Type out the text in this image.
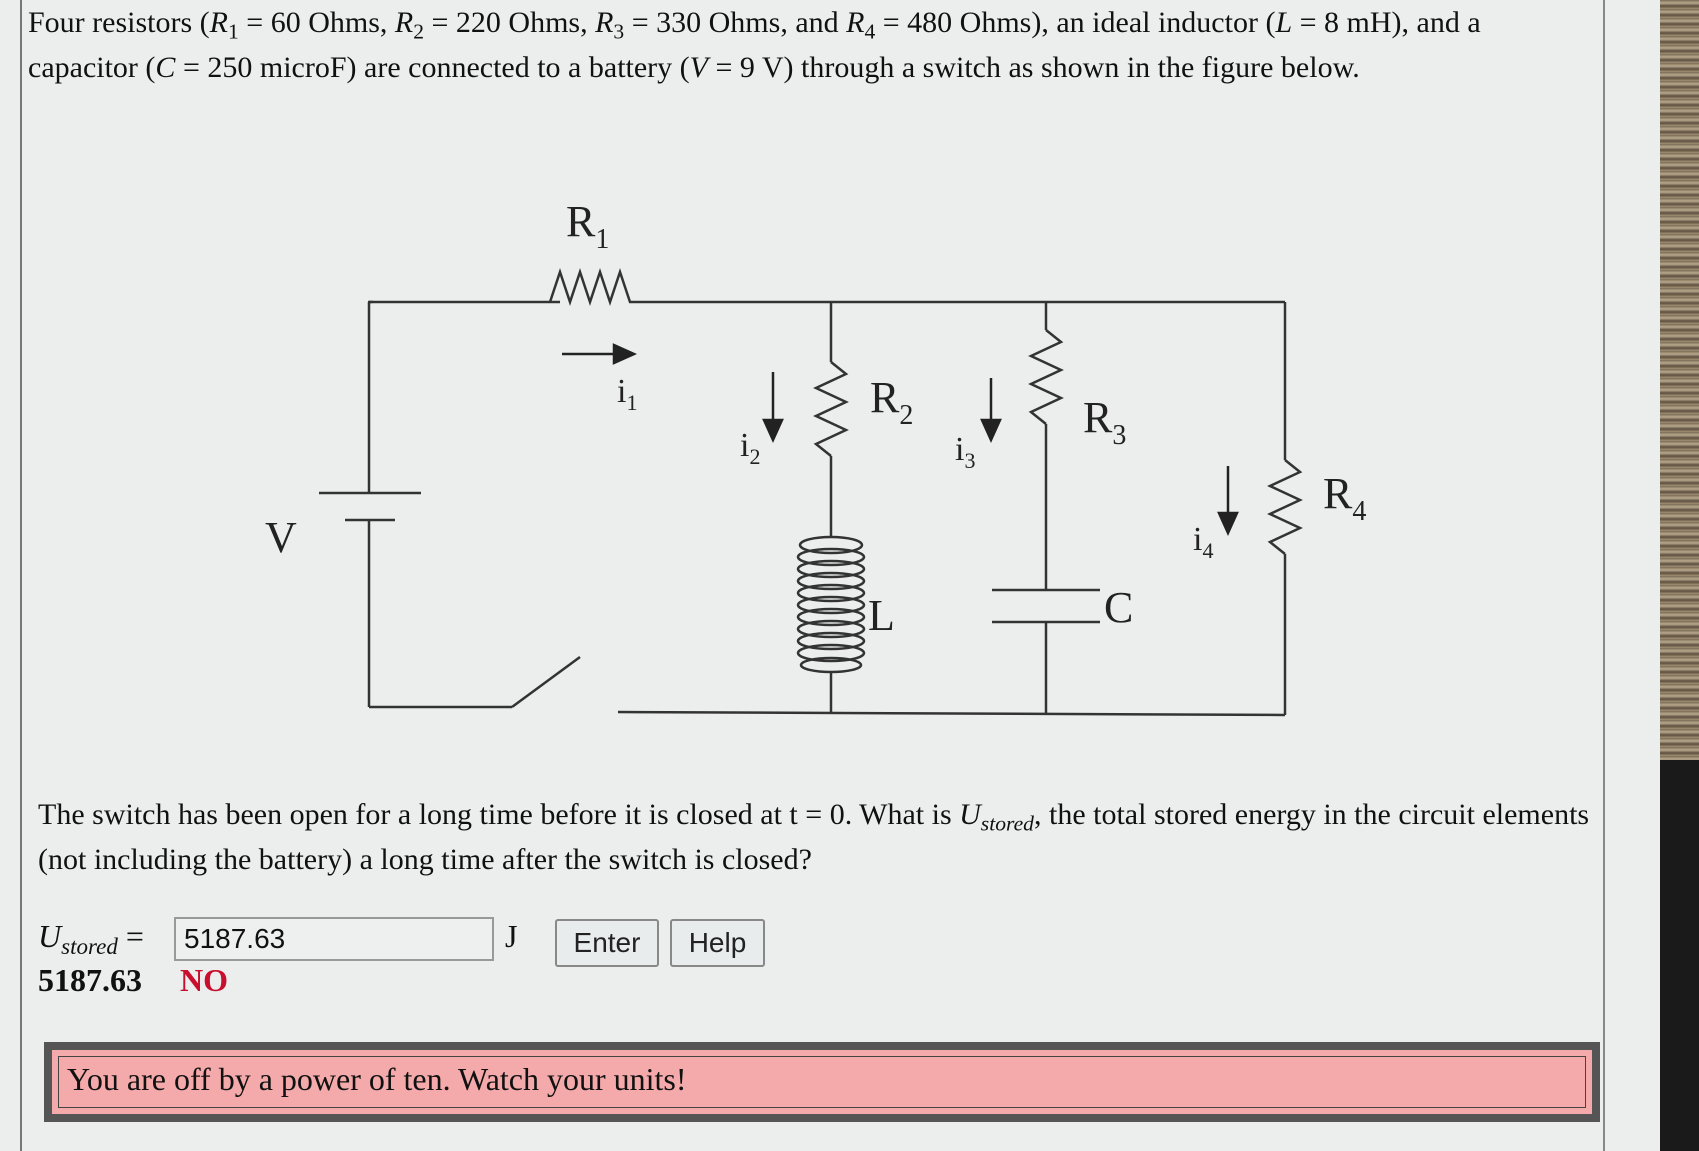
Four resistors ($R_1 = 60$ Ohms, $R_2 = 220$ Ohms, $R_3 = 330$ Ohms, and $R_4 = 480$ Ohms), an ideal inductor (L = 8 mH), and a capacitor (C = 250 microF) are connected to a battery (V = 9 V) through a switch as shown in the figure below.

$R_1$
$R_2$	$R_3$
$R_4$
V
L	C
$i_1$
$i_2$	$i_3$
$i_4$

The switch has been open for a long time before it is closed at t = 0. What is $U_{stored}$, the total stored energy in the circuit elements (not including the battery) a long time after the switch is closed?

$U_{stored}$ =
5187.63	J	Enter	Help
5187.63 NO
You are off by a power of ten. Watch your units!
